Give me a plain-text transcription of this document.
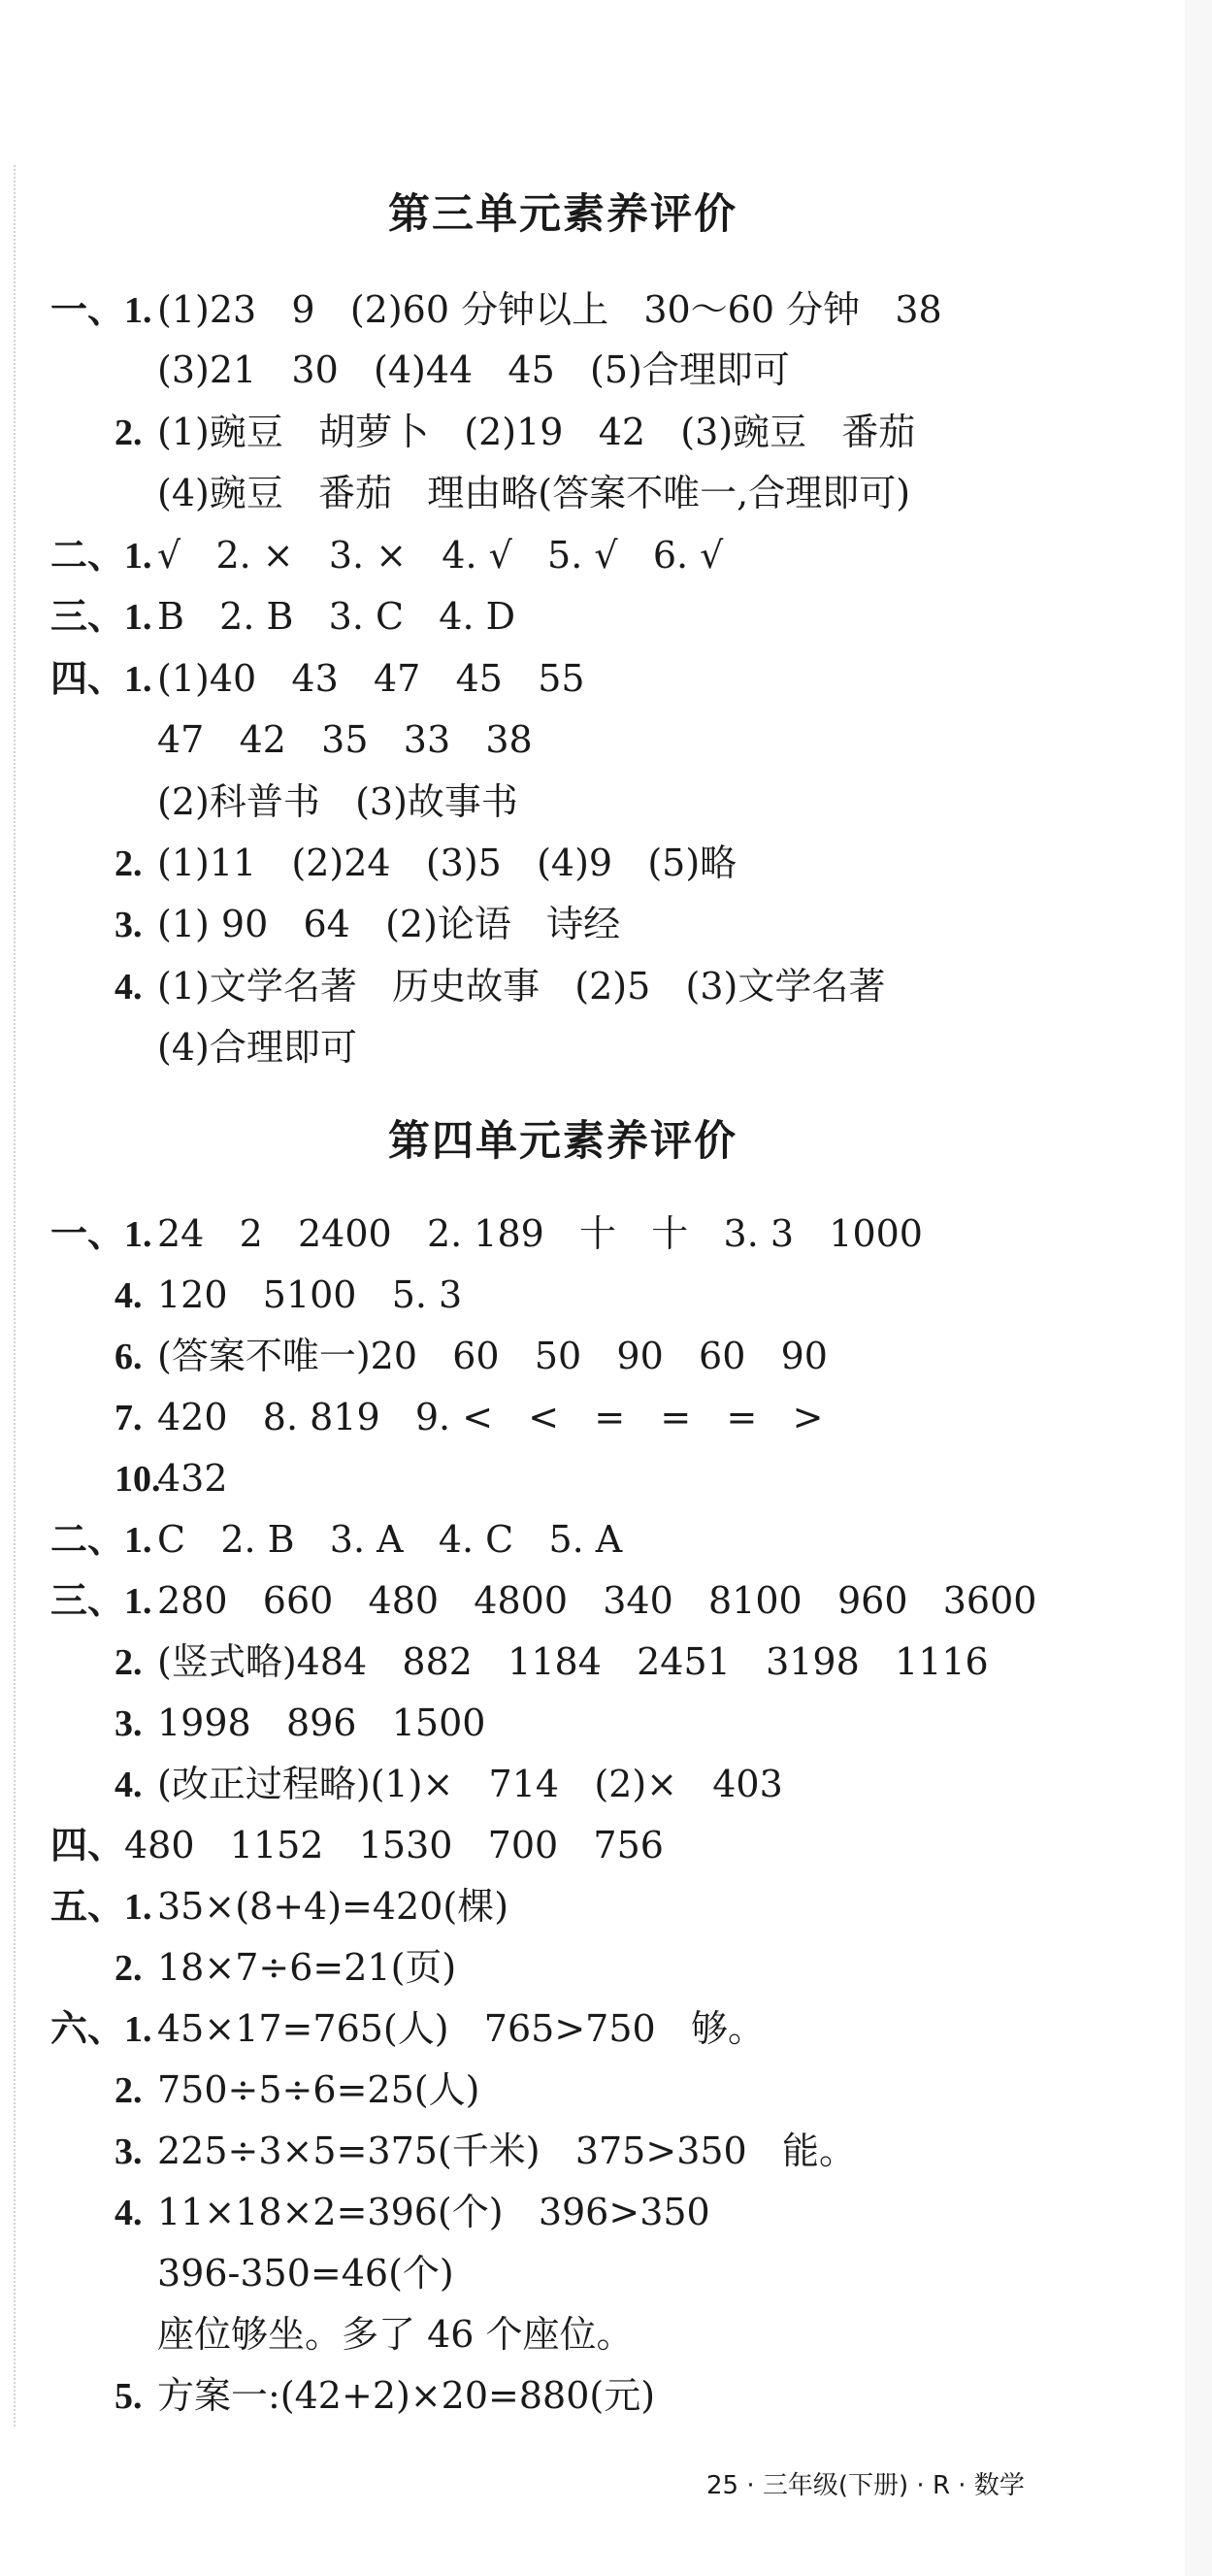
第三单元素养评价
一、1. (1)23   9   (2)60 分钟以上   30～60 分钟   38
(3)21   30   (4)44   45   (5)合理即可
2. (1)豌豆   胡萝卜   (2)19   42   (3)豌豆   番茄
(4)豌豆   番茄   理由略(答案不唯一,合理即可)
二、1. √   2. ×   3. ×   4. √   5. √   6. √
三、1. B   2. B   3. C   4. D
四、1. (1)40   43   47   45   55
47   42   35   33   38
(2)科普书   (3)故事书
2. (1)11   (2)24   (3)5   (4)9   (5)略
3. (1) 90   64   (2)论语   诗经
4. (1)文学名著   历史故事   (2)5   (3)文学名著
(4)合理即可
第四单元素养评价
一、1. 24   2   2400   2. 189   十   十   3. 3   1000
4. 120   5100   5. 3
6. (答案不唯一)20   60   50   90   60   90
7. 420   8. 819   9. <   <   =   =   =   >
10.432
二、1. C   2. B   3. A   4. C   5. A
三、1. 280   660   480   4800   340   8100   960   3600
2. (竖式略)484   882   1184   2451   3198   1116
3. 1998   896   1500
4. (改正过程略)(1)×   714   (2)×   403
四、480   1152   1530   700   756
五、1. 35×(8+4)=420(棵)
2. 18×7÷6=21(页)
六、1. 45×17=765(人)   765>750   够。
2. 750÷5÷6=25(人)
3. 225÷3×5=375(千米)   375>350   能。
4. 11×18×2=396(个)   396>350
396-350=46(个)
座位够坐。多了 46 个座位。
5. 方案一:(42+2)×20=880(元)
25 · 三年级(下册) · R · 数学
